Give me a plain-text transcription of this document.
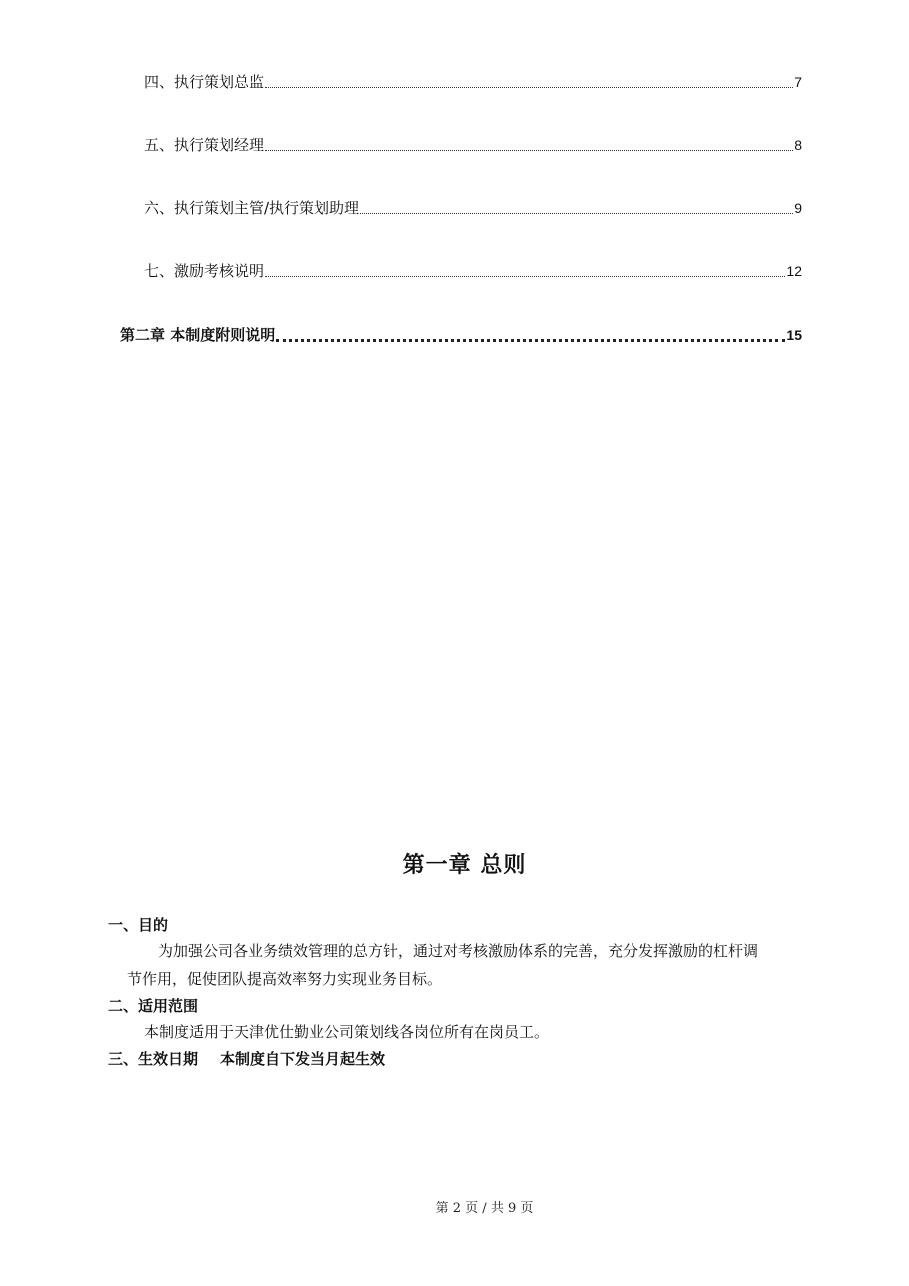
四、执行策划总监	7
五、执行策划经理	8
六、执行策划主管/执行策划助理	9
七、激励考核说明	12
第二章 本制度附则说明	15
第一章 总则
一、目的
为加强公司各业务绩效管理的总方针，通过对考核激励体系的完善，充分发挥激励的杠杆调
节作用，促使团队提高效率努力实现业务目标。
二、适用范围
本制度适用于天津优仕勤业公司策划线各岗位所有在岗员工。
三、生效日期 本制度自下发当月起生效
第 2 页 / 共 9 页
